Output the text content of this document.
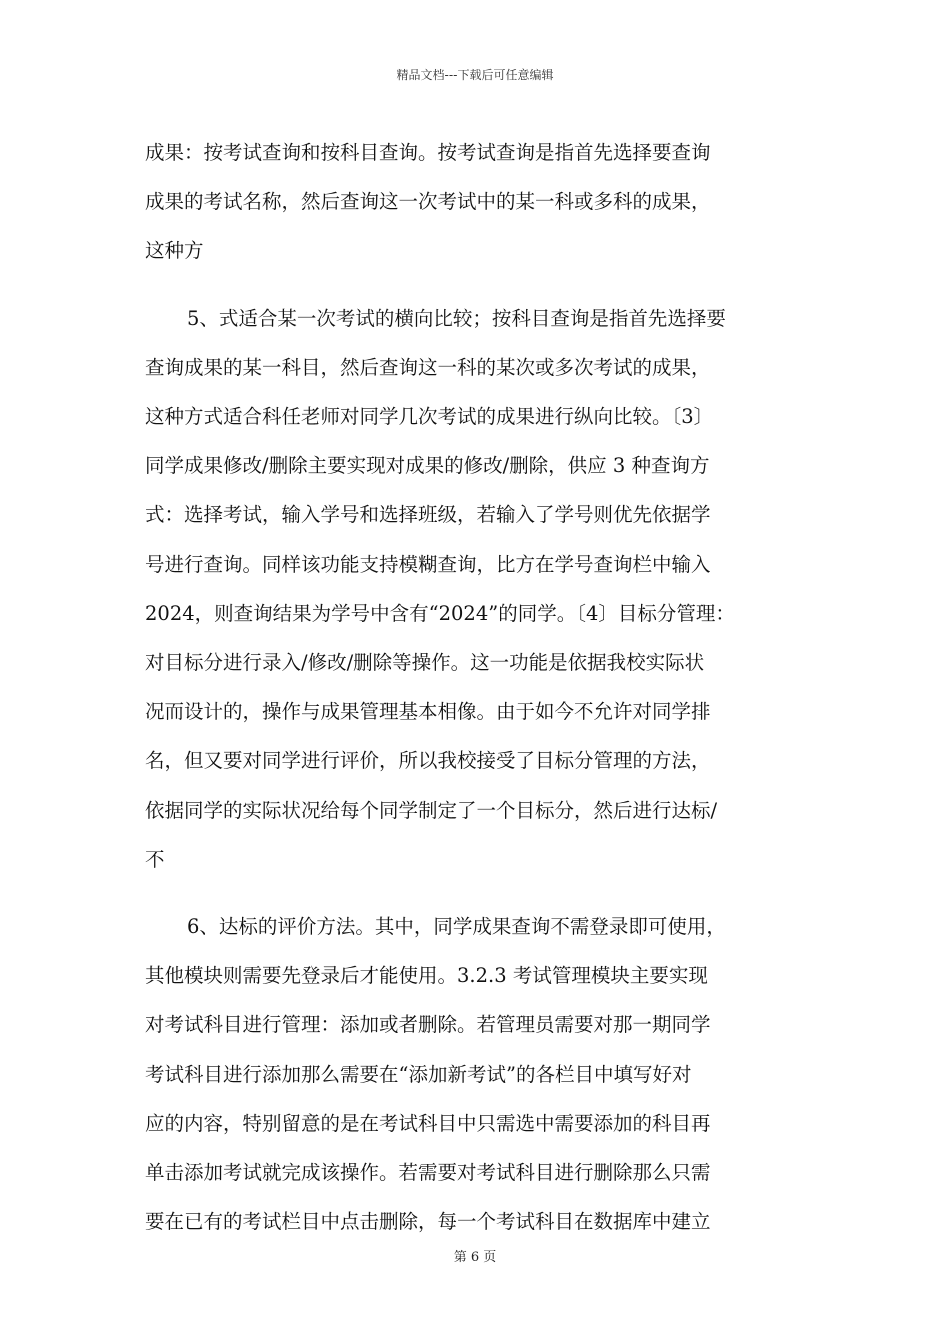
精品文档---下载后可任意编辑

成果：按考试查询和按科目查询。按考试查询是指首先选择要查询
成果的考试名称，然后查询这一次考试中的某一科或多科的成果，
这种方

5、式适合某一次考试的横向比较；按科目查询是指首先选择要
查询成果的某一科目，然后查询这一科的某次或多次考试的成果，
这种方式适合科任老师对同学几次考试的成果进行纵向比较。〔3〕
同学成果修改/删除主要实现对成果的修改/删除，供应 3 种查询方
式：选择考试，输入学号和选择班级，若输入了学号则优先依据学
号进行查询。同样该功能支持模糊查询，比方在学号查询栏中输入
2024，则查询结果为学号中含有“2024”的同学。〔4〕目标分管理：
对目标分进行录入/修改/删除等操作。这一功能是依据我校实际状
况而设计的，操作与成果管理基本相像。由于如今不允许对同学排
名，但又要对同学进行评价，所以我校接受了目标分管理的方法，
依据同学的实际状况给每个同学制定了一个目标分，然后进行达标/
不

6、达标的评价方法。其中，同学成果查询不需登录即可使用，
其他模块则需要先登录后才能使用。3.2.3 考试管理模块主要实现
对考试科目进行管理：添加或者删除。若管理员需要对那一期同学
考试科目进行添加那么需要在“添加新考试”的各栏目中填写好对
应的内容，特别留意的是在考试科目中只需选中需要添加的科目再
单击添加考试就完成该操作。若需要对考试科目进行删除那么只需
要在已有的考试栏目中点击删除，每一个考试科目在数据库中建立

第 6 页
